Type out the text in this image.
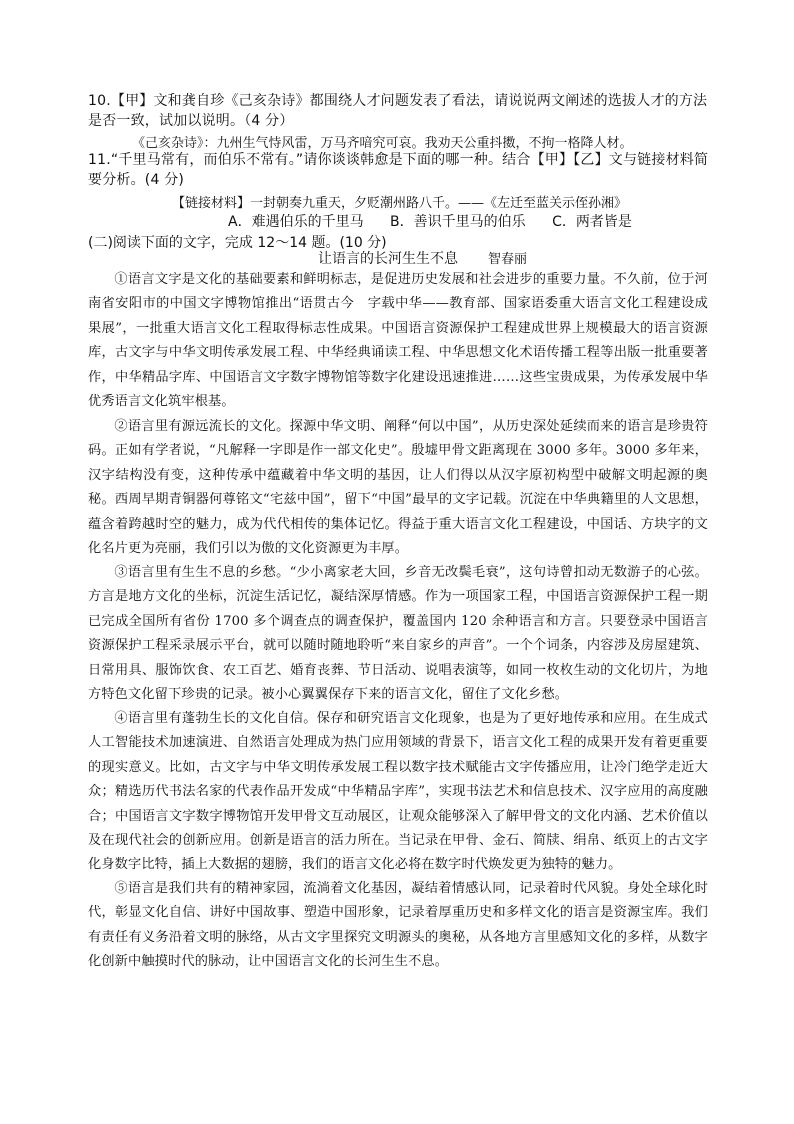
10.【甲】文和龚自珍《己亥杂诗》都围绕人才问题发表了看法，请说说两文阐述的选拔人才的方法是否一致，试加以说明。（4 分）
《己亥杂诗》：九州生气恃风雷，万马齐喑究可哀。我劝天公重抖擞，不拘一格降人材。
11.“千里马常有，而伯乐不常有。”请你谈谈韩愈是下面的哪一种。结合【甲】【乙】文与链接材料简要分析。(4 分)
【链接材料】一封朝奏九重天，夕贬潮州路八千。——《左迁至蓝关示侄孙湘》
A．难遇伯乐的千里马 B．善识千里马的伯乐 C．两者皆是
(二)阅读下面的文字，完成 12～14 题。(10 分)
让语言的长河生生不息 智春丽

①语言文字是文化的基础要素和鲜明标志，是促进历史发展和社会进步的重要力量。不久前，位于河南省安阳市的中国文字博物馆推出“语贯古今　字载中华——教育部、国家语委重大语言文化工程建设成果展”，一批重大语言文化工程取得标志性成果。中国语言资源保护工程建成世界上规模最大的语言资源库，古文字与中华文明传承发展工程、中华经典诵读工程、中华思想文化术语传播工程等出版一批重要著作，中华精品字库、中国语言文字数字博物馆等数字化建设迅速推进……这些宝贵成果，为传承发展中华优秀语言文化筑牢根基。

②语言里有源远流长的文化。探源中华文明、阐释“何以中国”，从历史深处延续而来的语言是珍贵符码。正如有学者说，“凡解释一字即是作一部文化史”。殷墟甲骨文距离现在 3000 多年。3000 多年来，汉字结构没有变，这种传承中蕴藏着中华文明的基因，让人们得以从汉字原初构型中破解文明起源的奥秘。西周早期青铜器何尊铭文“宅兹中国”，留下“中国”最早的文字记载。沉淀在中华典籍里的人文思想，蕴含着跨越时空的魅力，成为代代相传的集体记忆。得益于重大语言文化工程建设，中国话、方块字的文化名片更为亮丽，我们引以为傲的文化资源更为丰厚。

③语言里有生生不息的乡愁。“少小离家老大回，乡音无改鬓毛衰”，这句诗曾扣动无数游子的心弦。方言是地方文化的坐标，沉淀生活记忆，凝结深厚情感。作为一项国家工程，中国语言资源保护工程一期已完成全国所有省份 1700 多个调查点的调查保护，覆盖国内 120 余种语言和方言。只要登录中国语言资源保护工程采录展示平台，就可以随时随地聆听“来自家乡的声音”。一个个词条，内容涉及房屋建筑、日常用具、服饰饮食、农工百艺、婚育丧葬、节日活动、说唱表演等，如同一枚枚生动的文化切片，为地方特色文化留下珍贵的记录。被小心翼翼保存下来的语言文化，留住了文化乡愁。

④语言里有蓬勃生长的文化自信。保存和研究语言文化现象，也是为了更好地传承和应用。在生成式人工智能技术加速演进、自然语言处理成为热门应用领域的背景下，语言文化工程的成果开发有着更重要的现实意义。比如，古文字与中华文明传承发展工程以数字技术赋能古文字传播应用，让冷门绝学走近大众；精选历代书法名家的代表作品开发成“中华精品字库”，实现书法艺术和信息技术、汉字应用的高度融合；中国语言文字数字博物馆开发甲骨文互动展区，让观众能够深入了解甲骨文的文化内涵、艺术价值以及在现代社会的创新应用。创新是语言的活力所在。当记录在甲骨、金石、简牍、绢帛、纸页上的古文字化身数字比特，插上大数据的翅膀，我们的语言文化必将在数字时代焕发更为独特的魅力。

⑤语言是我们共有的精神家园，流淌着文化基因，凝结着情感认同，记录着时代风貌。身处全球化时代，彰显文化自信、讲好中国故事、塑造中国形象，记录着厚重历史和多样文化的语言是资源宝库。我们有责任有义务沿着文明的脉络，从古文字里探究文明源头的奥秘，从各地方言里感知文化的多样，从数字化创新中触摸时代的脉动，让中国语言文化的长河生生不息。
